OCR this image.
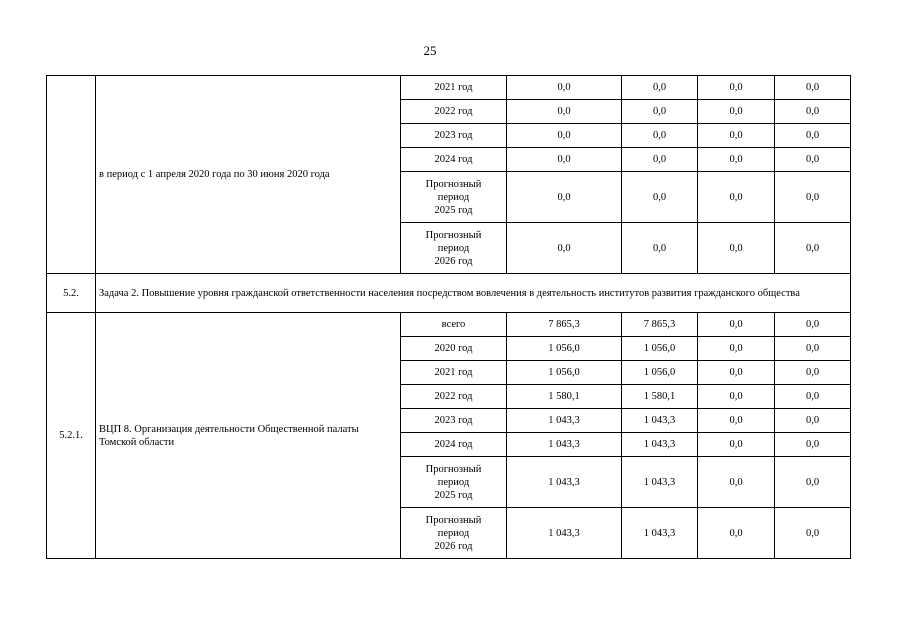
25
	в период с 1 апреля 2020 года по 30 июня 2020 года	2021 год	0,0	0,0	0,0	0,0
		2022 год	0,0	0,0	0,0	0,0
		2023 год	0,0	0,0	0,0	0,0
		2024 год	0,0	0,0	0,0	0,0

		Прогнозный
период
2025 год	0,0	0,0	0,0	0,0

		Прогнозный
период
2026 год	0,0	0,0	0,0	0,0
5.2.	Задача 2. Повышение уровня гражданской ответственности населения посредством вовлечения в деятельность институтов развития гражданского общества					
5.2.1.	ВЦП 8. Организация деятельности Общественной палаты Томской области	всего	7 865,3	7 865,3	0,0	0,0
		2020 год	1 056,0	1 056,0	0,0	0,0
		2021 год	1 056,0	1 056,0	0,0	0,0
		2022 год	1 580,1	1 580,1	0,0	0,0
		2023 год	1 043,3	1 043,3	0,0	0,0
		2024 год	1 043,3	1 043,3	0,0	0,0

		Прогнозный
период
2025 год	1 043,3	1 043,3	0,0	0,0

		Прогнозный
период
2026 год	1 043,3	1 043,3	0,0	0,0
